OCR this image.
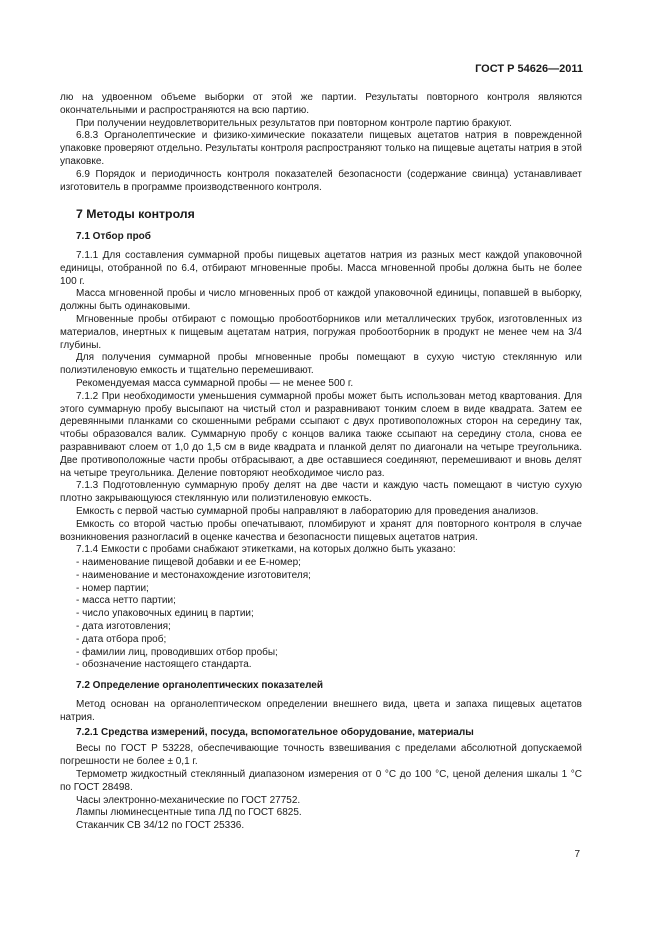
ГОСТ Р 54626—2011

лю на удвоенном объеме выборки от этой же партии. Результаты повторного контроля являются окончательными и распространяются на всю партию.

При получении неудовлетворительных результатов при повторном контроле партию бракуют.

6.8.3 Органолептические и физико-химические показатели пищевых ацетатов натрия в поврежденной упаковке проверяют отдельно. Результаты контроля распространяют только на пищевые ацетаты натрия в этой упаковке.

6.9 Порядок и периодичность контроля показателей безопасности (содержание свинца) устанавливает изготовитель в программе производственного контроля.

7 Методы контроля
7.1 Отбор проб

7.1.1 Для составления суммарной пробы пищевых ацетатов натрия из разных мест каждой упаковочной единицы, отобранной по 6.4, отбирают мгновенные пробы. Масса мгновенной пробы должна быть не более 100 г.

Масса мгновенной пробы и число мгновенных проб от каждой упаковочной единицы, попавшей в выборку, должны быть одинаковыми.

Мгновенные пробы отбирают с помощью пробоотборников или металлических трубок, изготовленных из материалов, инертных к пищевым ацетатам натрия, погружая пробоотборник в продукт не менее чем на 3/4 глубины.

Для получения суммарной пробы мгновенные пробы помещают в сухую чистую стеклянную или полиэтиленовую емкость и тщательно перемешивают.

Рекомендуемая масса суммарной пробы — не менее 500 г.

7.1.2 При необходимости уменьшения суммарной пробы может быть использован метод квартования. Для этого суммарную пробу высыпают на чистый стол и разравнивают тонким слоем в виде квадрата. Затем ее деревянными планками со скошенными ребрами ссыпают с двух противоположных сторон на середину так, чтобы образовался валик. Суммарную пробу с концов валика также ссыпают на середину стола, снова ее разравнивают слоем от 1,0 до 1,5 см в виде квадрата и планкой делят по диагонали на четыре треугольника. Две противоположные части пробы отбрасывают, а две оставшиеся соединяют, перемешивают и вновь делят на четыре треугольника. Деление повторяют необходимое число раз.

7.1.3 Подготовленную суммарную пробу делят на две части и каждую часть помещают в чистую сухую плотно закрывающуюся стеклянную или полиэтиленовую емкость.

Емкость с первой частью суммарной пробы направляют в лабораторию для проведения анализов.

Емкость со второй частью пробы опечатывают, пломбируют и хранят для повторного контроля в случае возникновения разногласий в оценке качества и безопасности пищевых ацетатов натрия.

7.1.4 Емкости с пробами снабжают этикетками, на которых должно быть указано:

- наименование пищевой добавки и ее Е-номер;
- наименование и местонахождение изготовителя;
- номер партии;
- масса нетто партии;
- число упаковочных единиц в партии;
- дата изготовления;
- дата отбора проб;
- фамилии лиц, проводивших отбор пробы;
- обозначение настоящего стандарта.
7.2 Определение органолептических показателей

Метод основан на органолептическом определении внешнего вида, цвета и запаха пищевых ацетатов натрия.

7.2.1 Средства измерений, посуда, вспомогательное оборудование, материалы

Весы по ГОСТ Р 53228, обеспечивающие точность взвешивания с пределами абсолютной допускаемой погрешности не более ± 0,1 г.

Термометр жидкостный стеклянный диапазоном измерения от 0 °С до 100 °С, ценой деления шкалы 1 °С по ГОСТ 28498.

Часы электронно-механические по ГОСТ 27752.

Лампы люминесцентные типа ЛД по ГОСТ 6825.

Стаканчик СВ 34/12 по ГОСТ 25336.

7
